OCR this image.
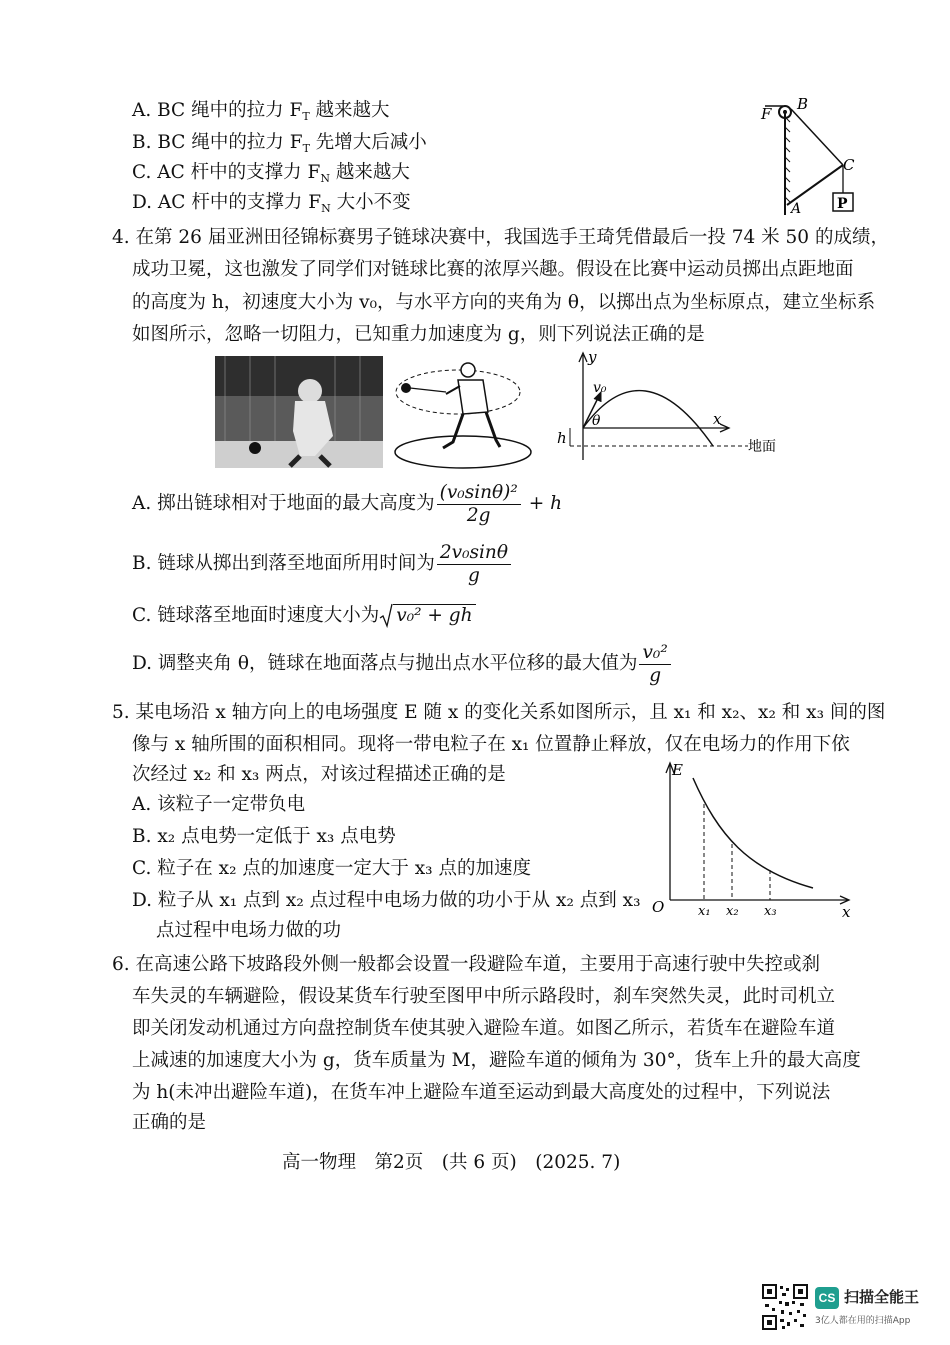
A. BC 绳中的拉力 $F_T$ 越来越大
B. BC 绳中的拉力 $F_T$ 先增大后减小
C. AC 杆中的支撑力 $F_N$ 越来越大
D. AC 杆中的支撑力 $F_N$ 大小不变
F
B
C
A	P
4. 在第 26 届亚洲田径锦标赛男子链球决赛中，我国选手王琦凭借最后一投 74 米 50 的成绩，
成功卫冕，这也激发了同学们对链球比赛的浓厚兴趣。假设在比赛中运动员掷出点距地面
的高度为 h，初速度大小为 v₀，与水平方向的夹角为 θ，以掷出点为坐标原点，建立坐标系
如图所示，忽略一切阻力，已知重力加速度为 g，则下列说法正确的是
y
v₀
θ	x
h	地面
A. 掷出链球相对于地面的最大高度为 $\frac{\text{(v₀sinθ)²}}{2g} + h$
B. 链球从掷出到落至地面所用时间为 $\frac{\text{2v₀sinθ}}{g}$
C. 链球落至地面时速度大小为 v₀² + gh
D. 调整夹角 θ，链球在地面落点与抛出点水平位移的最大值为 $\frac{\text{v₀²}}{g}$
5. 某电场沿 x 轴方向上的电场强度 E 随 x 的变化关系如图所示，且 x₁ 和 x₂、x₂ 和 x₃ 间的图
像与 x 轴所围的面积相同。现将一带电粒子在 x₁ 位置静止释放，仅在电场力的作用下依
次经过 x₂ 和 x₃ 两点，对该过程描述正确的是
A. 该粒子一定带负电
B. x₂ 点电势一定低于 x₃ 点电势
C. 粒子在 x₂ 点的加速度一定大于 x₃ 点的加速度
D. 粒子从 x₁ 点到 x₂ 点过程中电场力做的功小于从 x₂ 点到 x₃
点过程中电场力做的功
E
O	x₁ x₂ x₃	x
6. 在高速公路下坡路段外侧一般都会设置一段避险车道，主要用于高速行驶中失控或刹
车失灵的车辆避险，假设某货车行驶至图甲中所示路段时，刹车突然失灵，此时司机立
即关闭发动机通过方向盘控制货车使其驶入避险车道。如图乙所示，若货车在避险车道
上减速的加速度大小为 g，货车质量为 M，避险车道的倾角为 30°，货车上升的最大高度
为 h(未冲出避险车道)，在货车冲上避险车道至运动到最大高度处的过程中，下列说法
正确的是
高一物理　第2页　(共 6 页)　(2025. 7)
CS 扫描全能王
3亿人都在用的扫描App
